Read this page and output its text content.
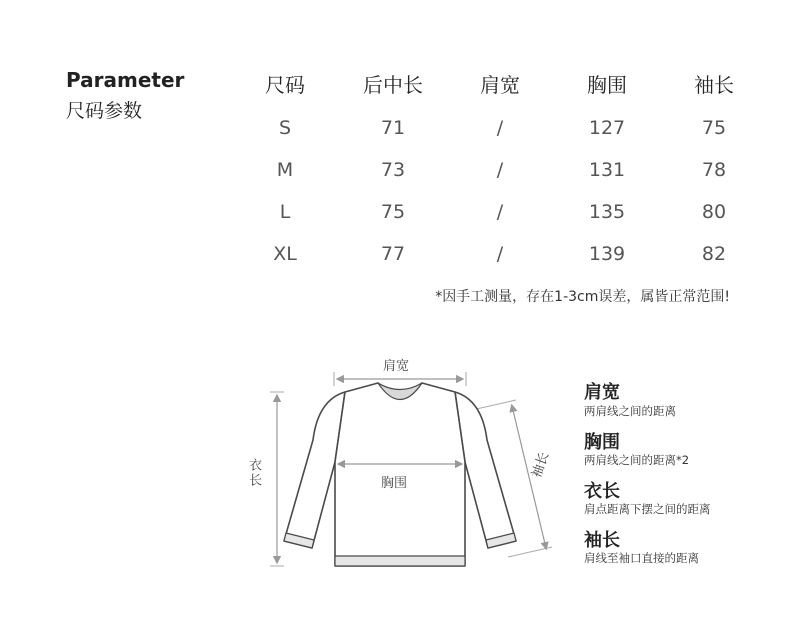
Parameter
尺码参数
尺码	后中长	肩宽	胸围	袖长
S	71	/	127	75
M	73	/	131	78
L	75	/	135	80
XL	77	/	139	82
*因手工测量，存在1-3cm误差，属皆正常范围!
肩宽
胸围
衣长	袖长
肩宽
两肩线之间的距离
胸围
两肩线之间的距离*2
衣长
肩点距离下摆之间的距离
袖长
肩线至袖口直接的距离
